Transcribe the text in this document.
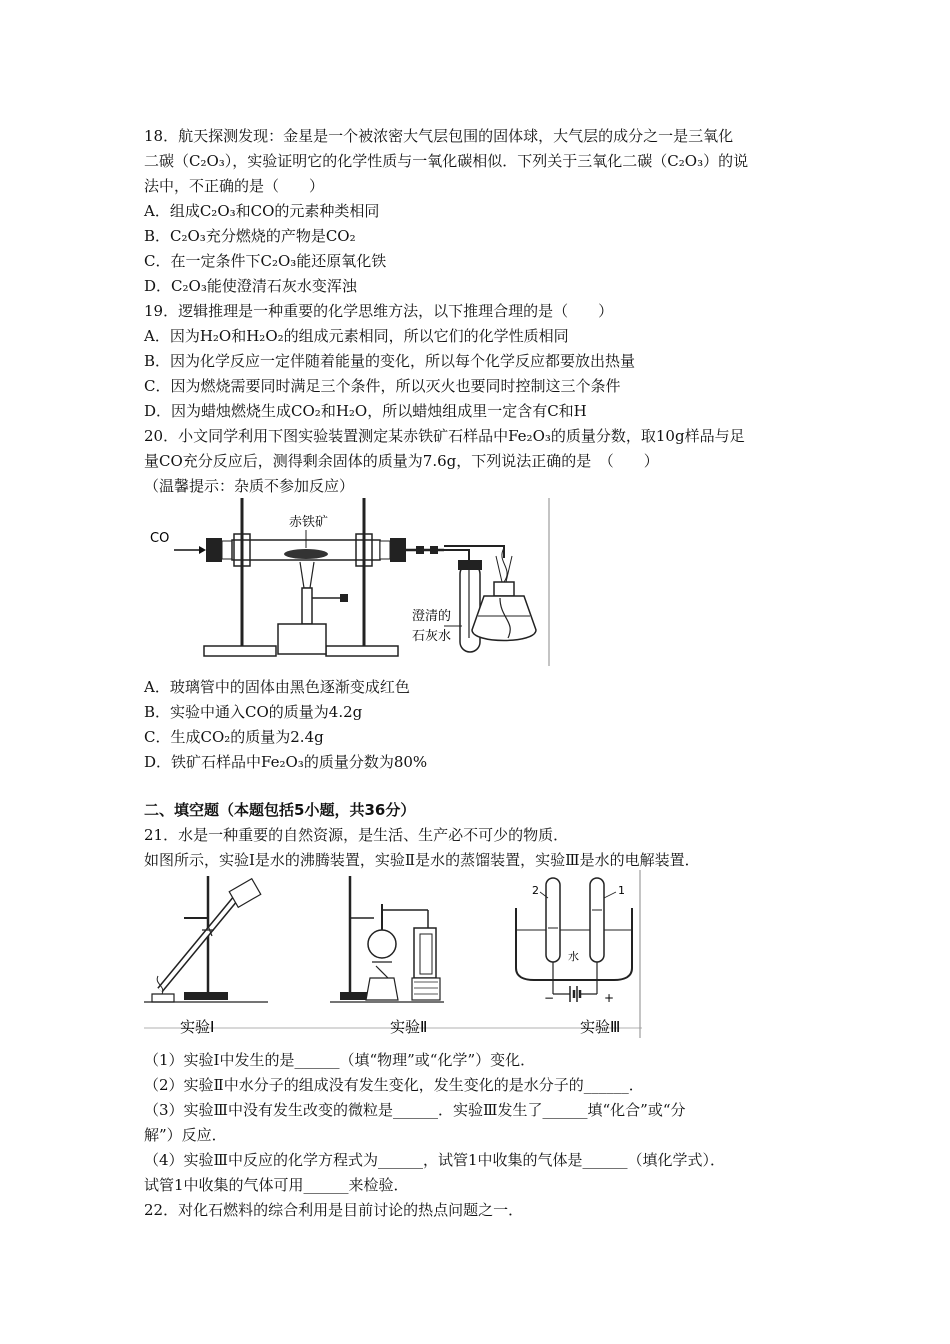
18．航天探测发现：金星是一个被浓密大气层包围的固体球，大气层的成分之一是三氧化
二碳（C₂O₃），实验证明它的化学性质与一氧化碳相似．下列关于三氧化二碳（C₂O₃）的说
法中，不正确的是（　　）
A．组成C₂O₃和CO的元素种类相同
B．C₂O₃充分燃烧的产物是CO₂
C．在一定条件下C₂O₃能还原氧化铁
D．C₂O₃能使澄清石灰水变浑浊
19．逻辑推理是一种重要的化学思维方法，以下推理合理的是（　　）
A．因为H₂O和H₂O₂的组成元素相同，所以它们的化学性质相同
B．因为化学反应一定伴随着能量的变化，所以每个化学反应都要放出热量
C．因为燃烧需要同时满足三个条件，所以灭火也要同时控制这三个条件
D．因为蜡烛燃烧生成CO₂和H₂O，所以蜡烛组成里一定含有C和H
20．小文同学利用下图实验装置测定某赤铁矿石样品中Fe₂O₃的质量分数，取10g样品与足
量CO充分反应后，测得剩余固体的质量为7.6g，下列说法正确的是　（　　）
（温馨提示：杂质不参加反应）
CO
赤铁矿
澄清的
石灰水
A．玻璃管中的固体由黑色逐渐变成红色
B．实验中通入CO的质量为4.2g
C．生成CO₂的质量为2.4g
D．铁矿石样品中Fe₂O₃的质量分数为80%
二、填空题（本题包括5小题，共36分）
21．水是一种重要的自然资源，是生活、生产必不可少的物质．
如图所示，实验Ⅰ是水的沸腾装置，实验Ⅱ是水的蒸馏装置，实验Ⅲ是水的电解装置．
2	1
水
−	+
实验Ⅰ	实验Ⅱ	实验Ⅲ
（1）实验Ⅰ中发生的是______（填“物理”或“化学”）变化．
（2）实验Ⅱ中水分子的组成没有发生变化，发生变化的是水分子的______．
（3）实验Ⅲ中没有发生改变的微粒是______．实验Ⅲ发生了______填“化合”或“分
解”）反应．
（4）实验Ⅲ中反应的化学方程式为______，试管1中收集的气体是______（填化学式）．
试管1中收集的气体可用______来检验．
22．对化石燃料的综合利用是目前讨论的热点问题之一．
